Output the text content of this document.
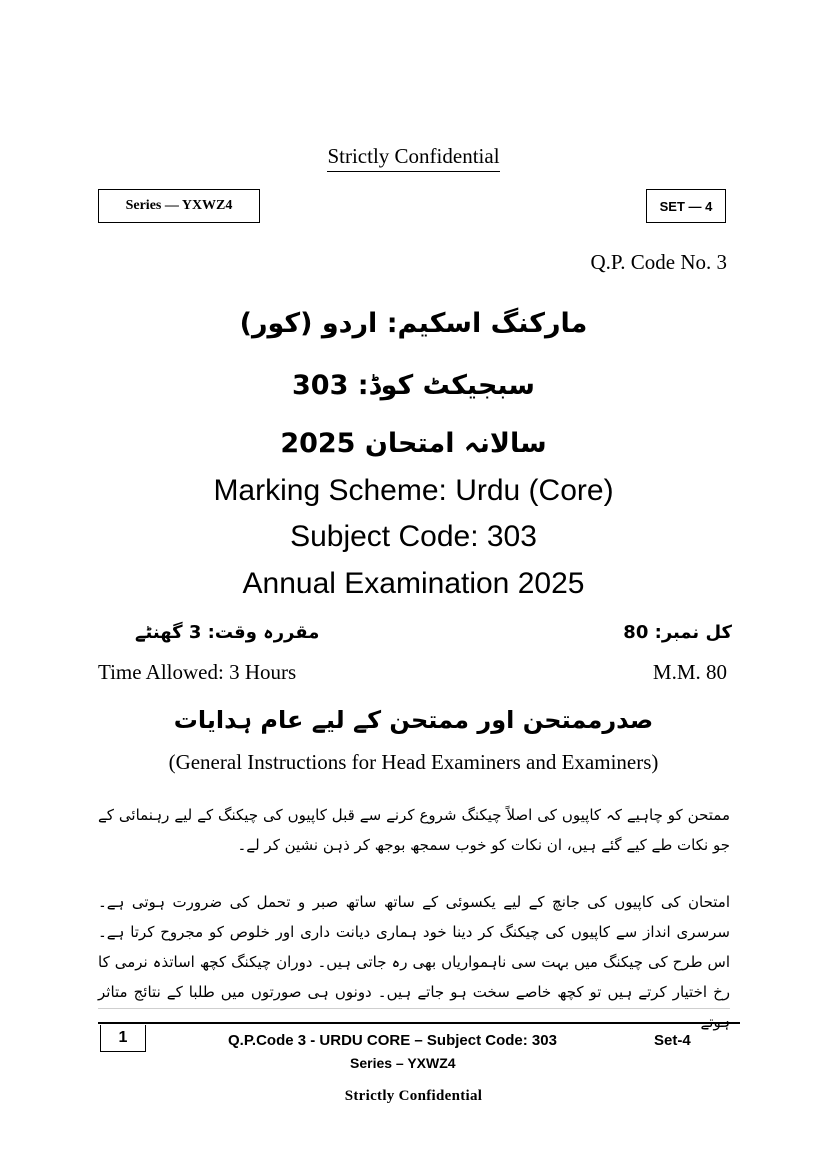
Strictly Confidential
Series — YXWZ4	SET — 4
Q.P. Code No. 3
مارکنگ اسکیم: اردو (کور)
سبجیکٹ کوڈ: 303
سالانہ امتحان 2025
Marking Scheme: Urdu (Core)
Subject Code: 303
Annual Examination 2025
مقررہ وقت: 3 گھنٹے	کل نمبر: 80
Time Allowed: 3 Hours	M.M. 80
صدرممتحن اور ممتحن کے لیے عام ہدایات
(General Instructions for Head Examiners and Examiners)
ممتحن کو چاہیے کہ کاپیوں کی اصلاً چیکنگ شروع کرنے سے قبل کاپیوں کی چیکنگ کے لیے رہنمائی کے جو نکات طے کیے گئے ہیں، ان نکات کو خوب سمجھ بوجھ کر ذہن نشین کر لے۔
امتحان کی کاپیوں کی جانچ کے لیے یکسوئی کے ساتھ ساتھ صبر و تحمل کی ضرورت ہوتی ہے۔ سرسری انداز سے کاپیوں کی چیکنگ کر دینا خود ہماری دیانت داری اور خلوص کو مجروح کرتا ہے۔ اس طرح کی چیکنگ میں بہت سی ناہمواریاں بھی رہ جاتی ہیں۔ دوران چیکنگ کچھ اساتذہ نرمی کا رخ اختیار کرتے ہیں تو کچھ خاصے سخت ہو جاتے ہیں۔ دونوں ہی صورتوں میں طلبا کے نتائج متاثر ہوتے
1	Q.P.Code 3 - URDU CORE – Subject Code: 303	Set-4
Series – YXWZ4
Strictly Confidential
